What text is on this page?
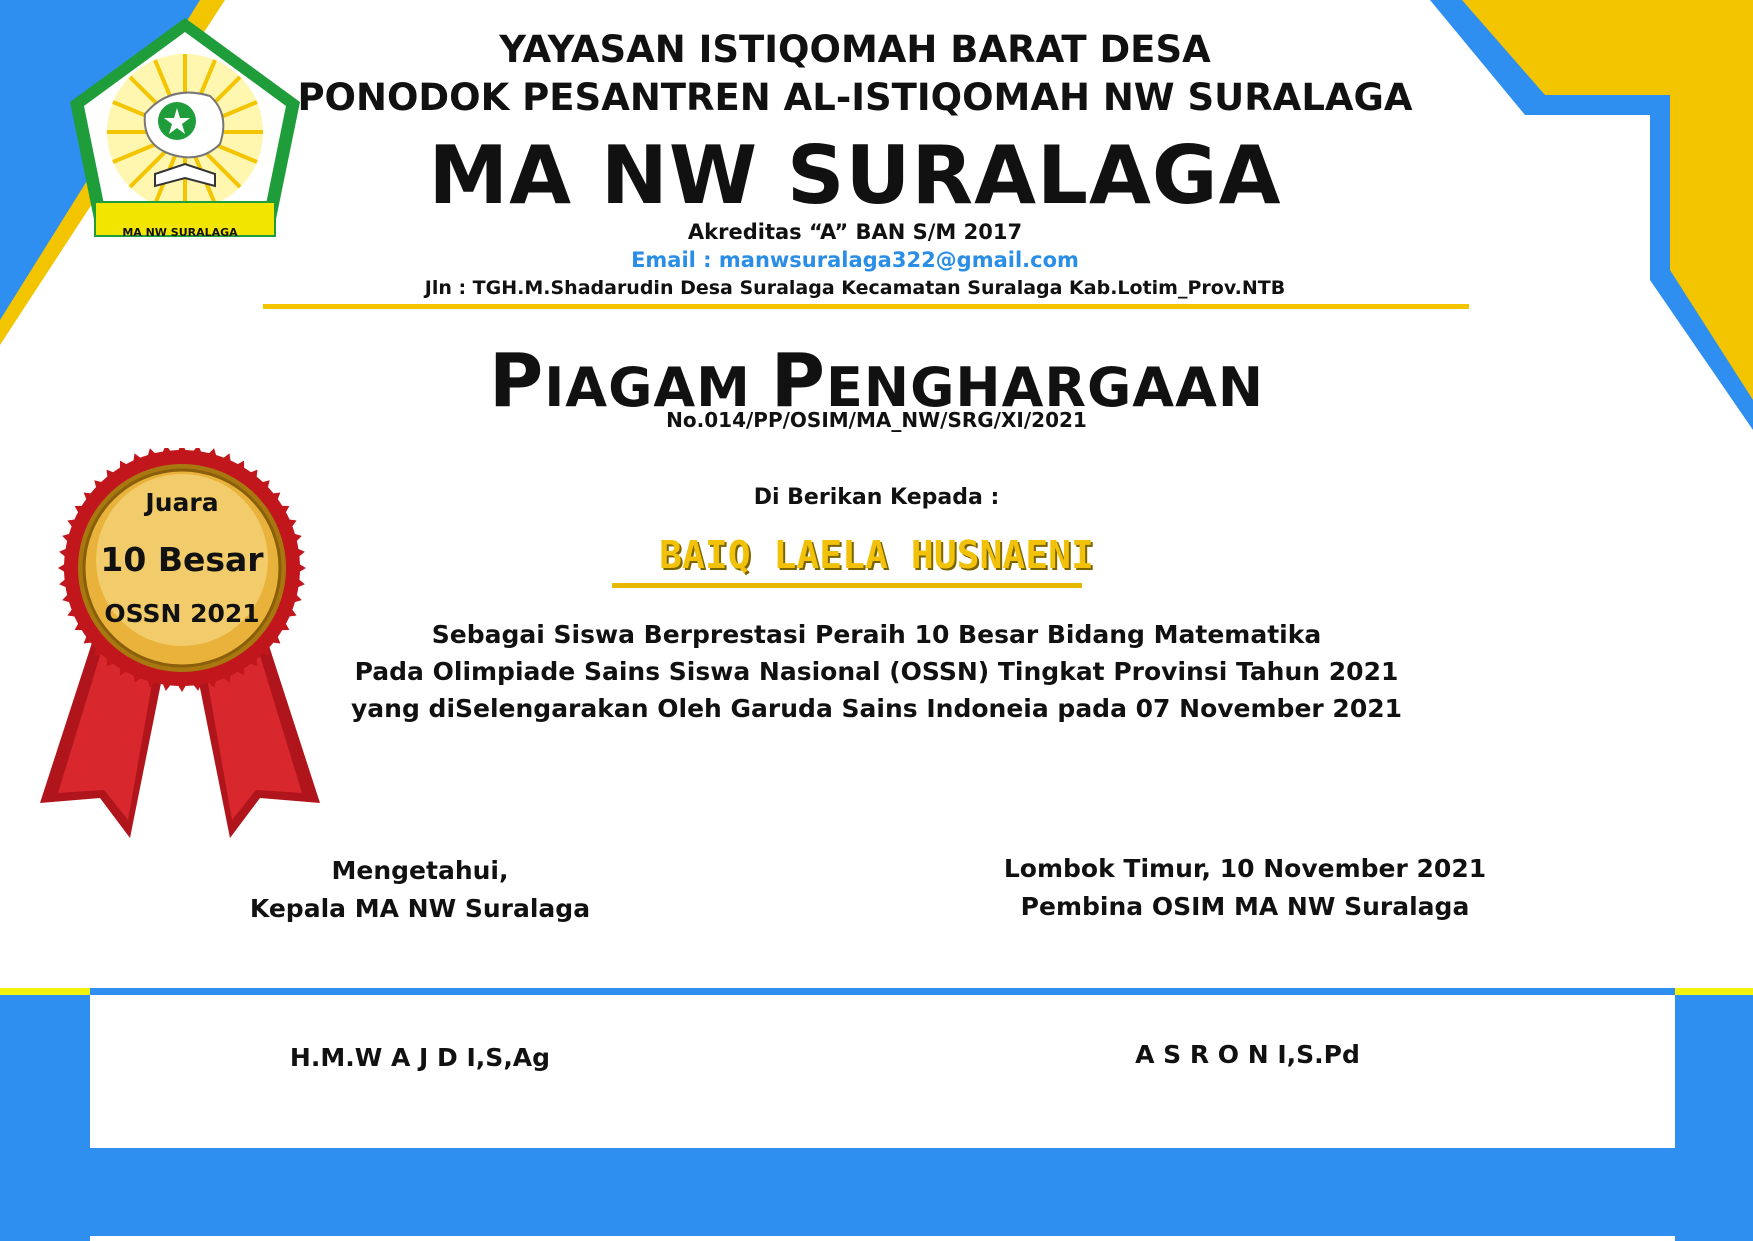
MA NW SURALAGA

YAYASAN ISTIQOMAH BARAT DESA

PONODOK PESANTREN AL-ISTIQOMAH NW SURALAGA

MA NW SURALAGA

Akreditas “A” BAN S/M 2017

Email : manwsuralaga322@gmail.com

Jln : TGH.M.Shadarudin Desa Suralaga Kecamatan Suralaga Kab.Lotim_Prov.NTB

PIAGAM PENGHARGAAN

No.014/PP/OSIM/MA_NW/SRG/XI/2021

Di Berikan Kepada :

BAIQ LAELA HUSNAENI

Sebagai Siswa Berprestasi Peraih 10 Besar Bidang Matematika
Pada Olimpiade Sains Siswa Nasional (OSSN) Tingkat Provinsi Tahun 2021
yang diSelengarakan Oleh Garuda Sains Indoneia pada 07 November 2021

Juara

10 Besar

OSSN 2021

Mengetahui,
Kepala MA NW Suralaga
Lombok Timur, 10 November 2021
Pembina OSIM MA NW Suralaga

H.M.W A J D I,S,Ag	A S R O N I,S.Pd
